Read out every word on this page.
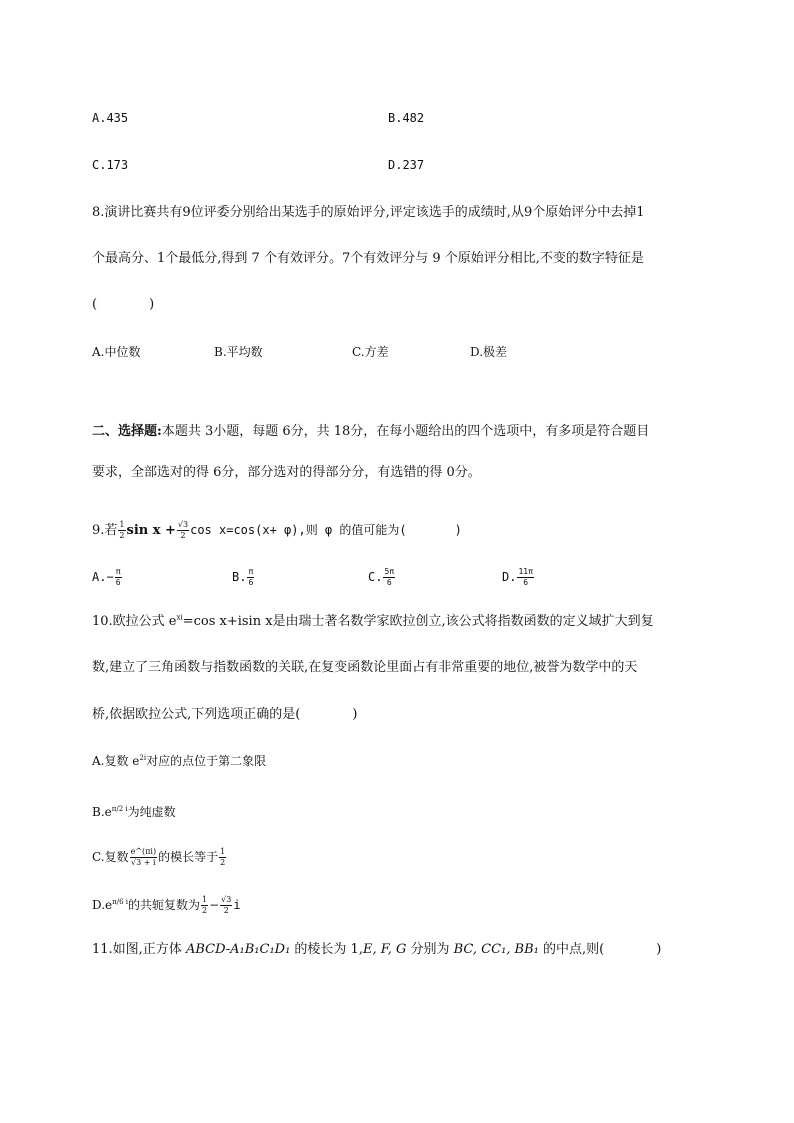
A.435	B.482
C.173	D.237
8.演讲比赛共有9位评委分别给出某选手的原始评分,评定该选手的成绩时,从9个原始评分中去掉1
个最高分、1个最低分,得到 7 个有效评分。7个有效评分与 9 个原始评分相比,不变的数字特征是
(　　　　)
A.中位数	B.平均数	C.方差	D.极差
二、选择题:本题共 3小题，每题 6分，共 18分，在每小题给出的四个选项中，有多项是符合题目
要求，全部选对的得 6分，部分选对的得部分分，有选错的得 0分。
9.若 $\frac{1}{2}$ $\sin x + \frac{√3}{2}$ cos x=cos(x+ φ),则 φ 的值可能为(　　　　)
$A.- \frac{\pi}{6}$	B. $\frac{\pi}{6}$	C. $\frac{5\pi}{6}$	D. $\frac{11\pi}{6}$
10.欧拉公式 $e^{xi}=\cos$ x+isin x是由瑞士著名数学家欧拉创立,该公式将指数函数的定义域扩大到复
数,建立了三角函数与指数函数的关联,在复变函数论里面占有非常重要的地位,被誉为数学中的天
桥,依据欧拉公式,下列选项正确的是(　　　　)
A.复数 $e^{2i}$对应的点位于第二象限
$B.e^{\pi/2 i}$为纯虚数
C.复数 $\frac{e\^{}(\pi i)}{√3 + i}$ 的模长等于 $\frac{1}{2}$
$D.e^{\pi/6 i}$的共轭复数为 $\frac{1}{2} - \frac{√3}{2}$ i
11.如图,正方体 ABCD-A₁B₁C₁D₁ 的棱长为 1,E, F, G 分别为 BC, CC₁, BB₁ 的中点,则(　　　　)
